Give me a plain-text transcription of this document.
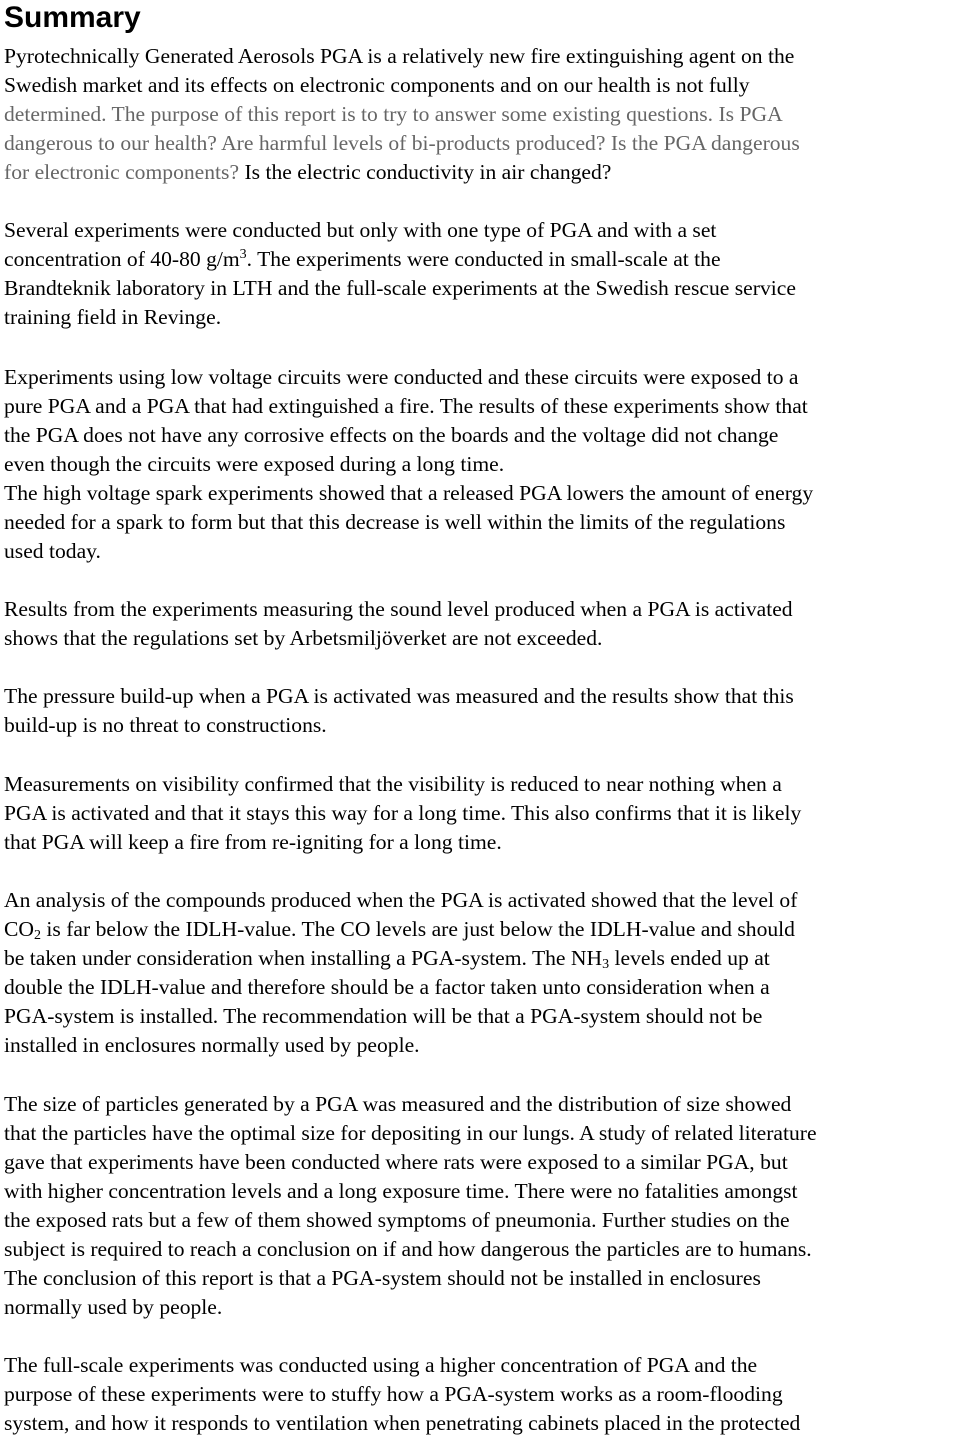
Summary
Pyrotechnically Generated Aerosols PGA is a relatively new fire extinguishing agent on the
Swedish market and its effects on electronic components and on our health is not fully
determined. The purpose of this report is to try to answer some existing questions. Is PGA
dangerous to our health? Are harmful levels of bi-products produced? Is the PGA dangerous
for electronic components? Is the electric conductivity in air changed?
Several experiments were conducted but only with one type of PGA and with a set
concentration of 40-80 $g/m^3$. The experiments were conducted in small-scale at the
Brandteknik laboratory in LTH and the full-scale experiments at the Swedish rescue service
training field in Revinge.
Experiments using low voltage circuits were conducted and these circuits were exposed to a
pure PGA and a PGA that had extinguished a fire. The results of these experiments show that
the PGA does not have any corrosive effects on the boards and the voltage did not change
even though the circuits were exposed during a long time.
The high voltage spark experiments showed that a released PGA lowers the amount of energy
needed for a spark to form but that this decrease is well within the limits of the regulations
used today.
Results from the experiments measuring the sound level produced when a PGA is activated
shows that the regulations set by Arbetsmiljöverket are not exceeded.
The pressure build-up when a PGA is activated was measured and the results show that this
build-up is no threat to constructions.
Measurements on visibility confirmed that the visibility is reduced to near nothing when a
PGA is activated and that it stays this way for a long time. This also confirms that it is likely
that PGA will keep a fire from re-igniting for a long time.
An analysis of the compounds produced when the PGA is activated showed that the level of
$CO_2$ is far below the IDLH-value. The CO levels are just below the IDLH-value and should
be taken under consideration when installing a PGA-system. The $NH_3$ levels ended up at
double the IDLH-value and therefore should be a factor taken unto consideration when a
PGA-system is installed. The recommendation will be that a PGA-system should not be
installed in enclosures normally used by people.
The size of particles generated by a PGA was measured and the distribution of size showed
that the particles have the optimal size for depositing in our lungs. A study of related literature
gave that experiments have been conducted where rats were exposed to a similar PGA, but
with higher concentration levels and a long exposure time. There were no fatalities amongst
the exposed rats but a few of them showed symptoms of pneumonia. Further studies on the
subject is required to reach a conclusion on if and how dangerous the particles are to humans.
The conclusion of this report is that a PGA-system should not be installed in enclosures
normally used by people.
The full-scale experiments was conducted using a higher concentration of PGA and the
purpose of these experiments were to stuffy how a PGA-system works as a room-flooding
system, and how it responds to ventilation when penetrating cabinets placed in the protected
